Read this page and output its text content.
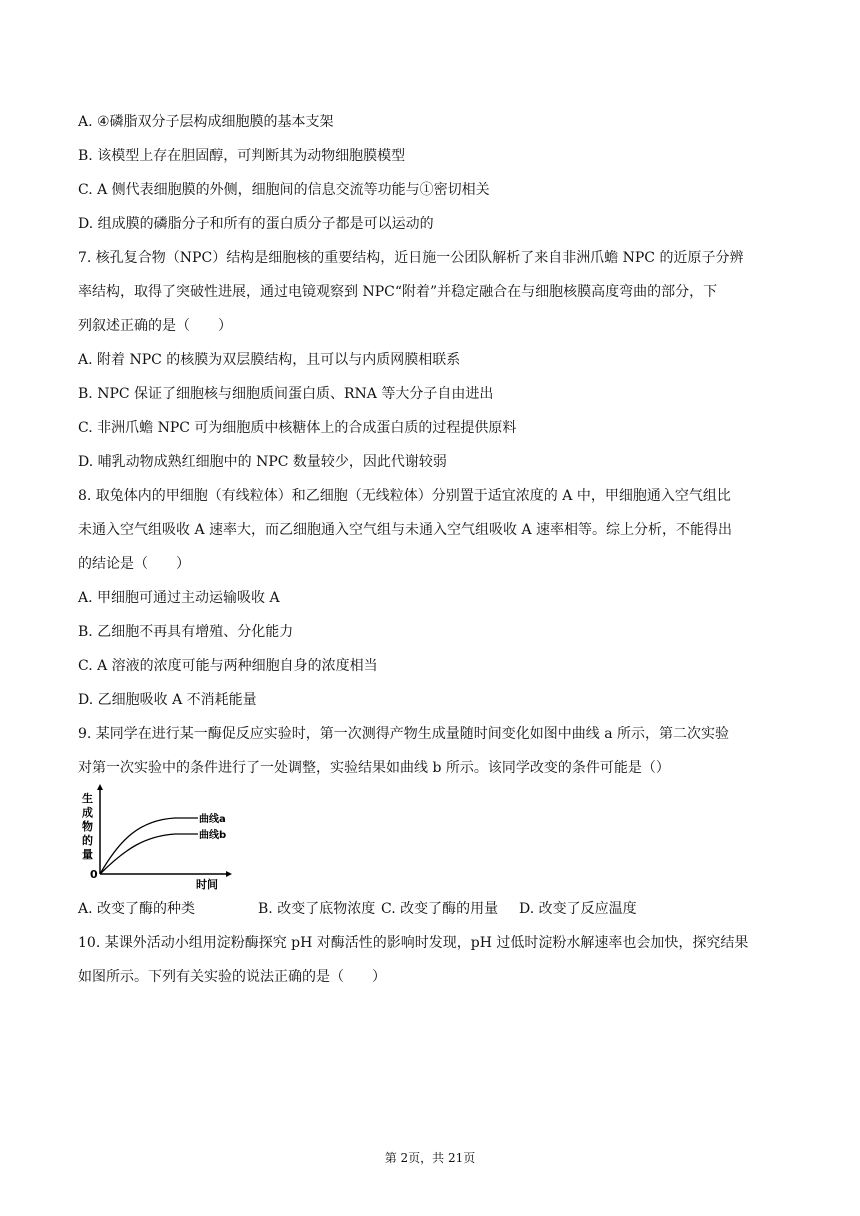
A. ④磷脂双分子层构成细胞膜的基本支架
B. 该模型上存在胆固醇，可判断其为动物细胞膜模型
C. A 侧代表细胞膜的外侧，细胞间的信息交流等功能与①密切相关
D. 组成膜的磷脂分子和所有的蛋白质分子都是可以运动的
7. 核孔复合物（NPC）结构是细胞核的重要结构，近日施一公团队解析了来自非洲爪蟾 NPC 的近原子分辨
率结构，取得了突破性进展，通过电镜观察到 NPC“附着”并稳定融合在与细胞核膜高度弯曲的部分，下
列叙述正确的是（　　）
A. 附着 NPC 的核膜为双层膜结构，且可以与内质网膜相联系
B. NPC 保证了细胞核与细胞质间蛋白质、RNA 等大分子自由进出
C. 非洲爪蟾 NPC 可为细胞质中核糖体上的合成蛋白质的过程提供原料
D. 哺乳动物成熟红细胞中的 NPC 数量较少，因此代谢较弱
8. 取兔体内的甲细胞（有线粒体）和乙细胞（无线粒体）分别置于适宜浓度的 A 中，甲细胞通入空气组比
未通入空气组吸收 A 速率大，而乙细胞通入空气组与未通入空气组吸收 A 速率相等。综上分析，不能得出
的结论是（　　）
A. 甲细胞可通过主动运输吸收 A
B. 乙细胞不再具有增殖、分化能力
C. A 溶液的浓度可能与两种细胞自身的浓度相当
D. 乙细胞吸收 A 不消耗能量
9. 某同学在进行某一酶促反应实验时，第一次测得产物生成量随时间变化如图中曲线 a 所示，第二次实验
对第一次实验中的条件进行了一处调整，实验结果如曲线 b 所示。该同学改变的条件可能是（）
生
成
物
的
量
0
曲线a
曲线b
时间
A. 改变了酶的种类	B. 改变了底物浓度 C. 改变了酶的用量 D. 改变了反应温度
10. 某课外活动小组用淀粉酶探究 pH 对酶活性的影响时发现，pH 过低时淀粉水解速率也会加快，探究结果
如图所示。下列有关实验的说法正确的是（　　）
第 2页，共 21页
